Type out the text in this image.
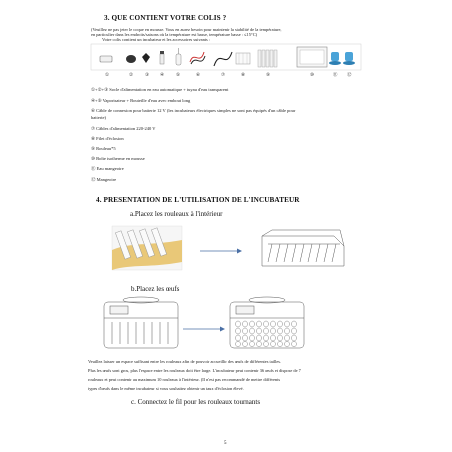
3. QUE CONTIENT VOTRE COLIS ?
(Veuillez ne pas jeter le coque en mousse. Vous en aurez besoin pour maintenir la stabilité de la température,
en particulier dans les endroits/saisons où la température est basse, température basse : ≤15°C)
Votre colis contient un incubateur et les accessoires suivants :
①	②	③	④	⑤	⑥	⑦	⑧	⑨	⑩	⑪ ⑫
①+②+③ Socle d'alimentation en eau automatique + tuyau d'eau transparent
④+⑤ Vaporisateur + Bouteille d'eau avec embout long
⑥ Câble de connexion pour batterie 12 V (les incubateurs électriques simples ne sont pas équipés d'un câble pour
batterie)
⑦ Câbles d'alimentation 220-240 V
⑧ Filet d'éclosion
⑨ Rouleau*5
⑩ Boîte isotherme en mousse
⑪ Eau mangeoire
⑫ Mangeoire
4. PRESENTATION DE L'UTILISATION DE L'INCUBATEUR
a.Placez les rouleaux à l'intérieur
b.Placez les œufs
Veuillez laisser un espace suffisant entre les rouleaux afin de pouvoir accueillir des œufs de différentes tailles.
Plus les œufs sont gros, plus l'espace entre les rouleaux doit être large. L'incubateur peut contenir 36 œufs et dispose de 7
rouleaux et peut contenir au maximum 10 rouleaux à l'intérieur. (Il n'est pas recommandé de mettre différents
types d'œufs dans le même incubateur si vous souhaitez obtenir un taux d'éclosion élevé.
c. Connectez le fil pour les rouleaux tournants
5
